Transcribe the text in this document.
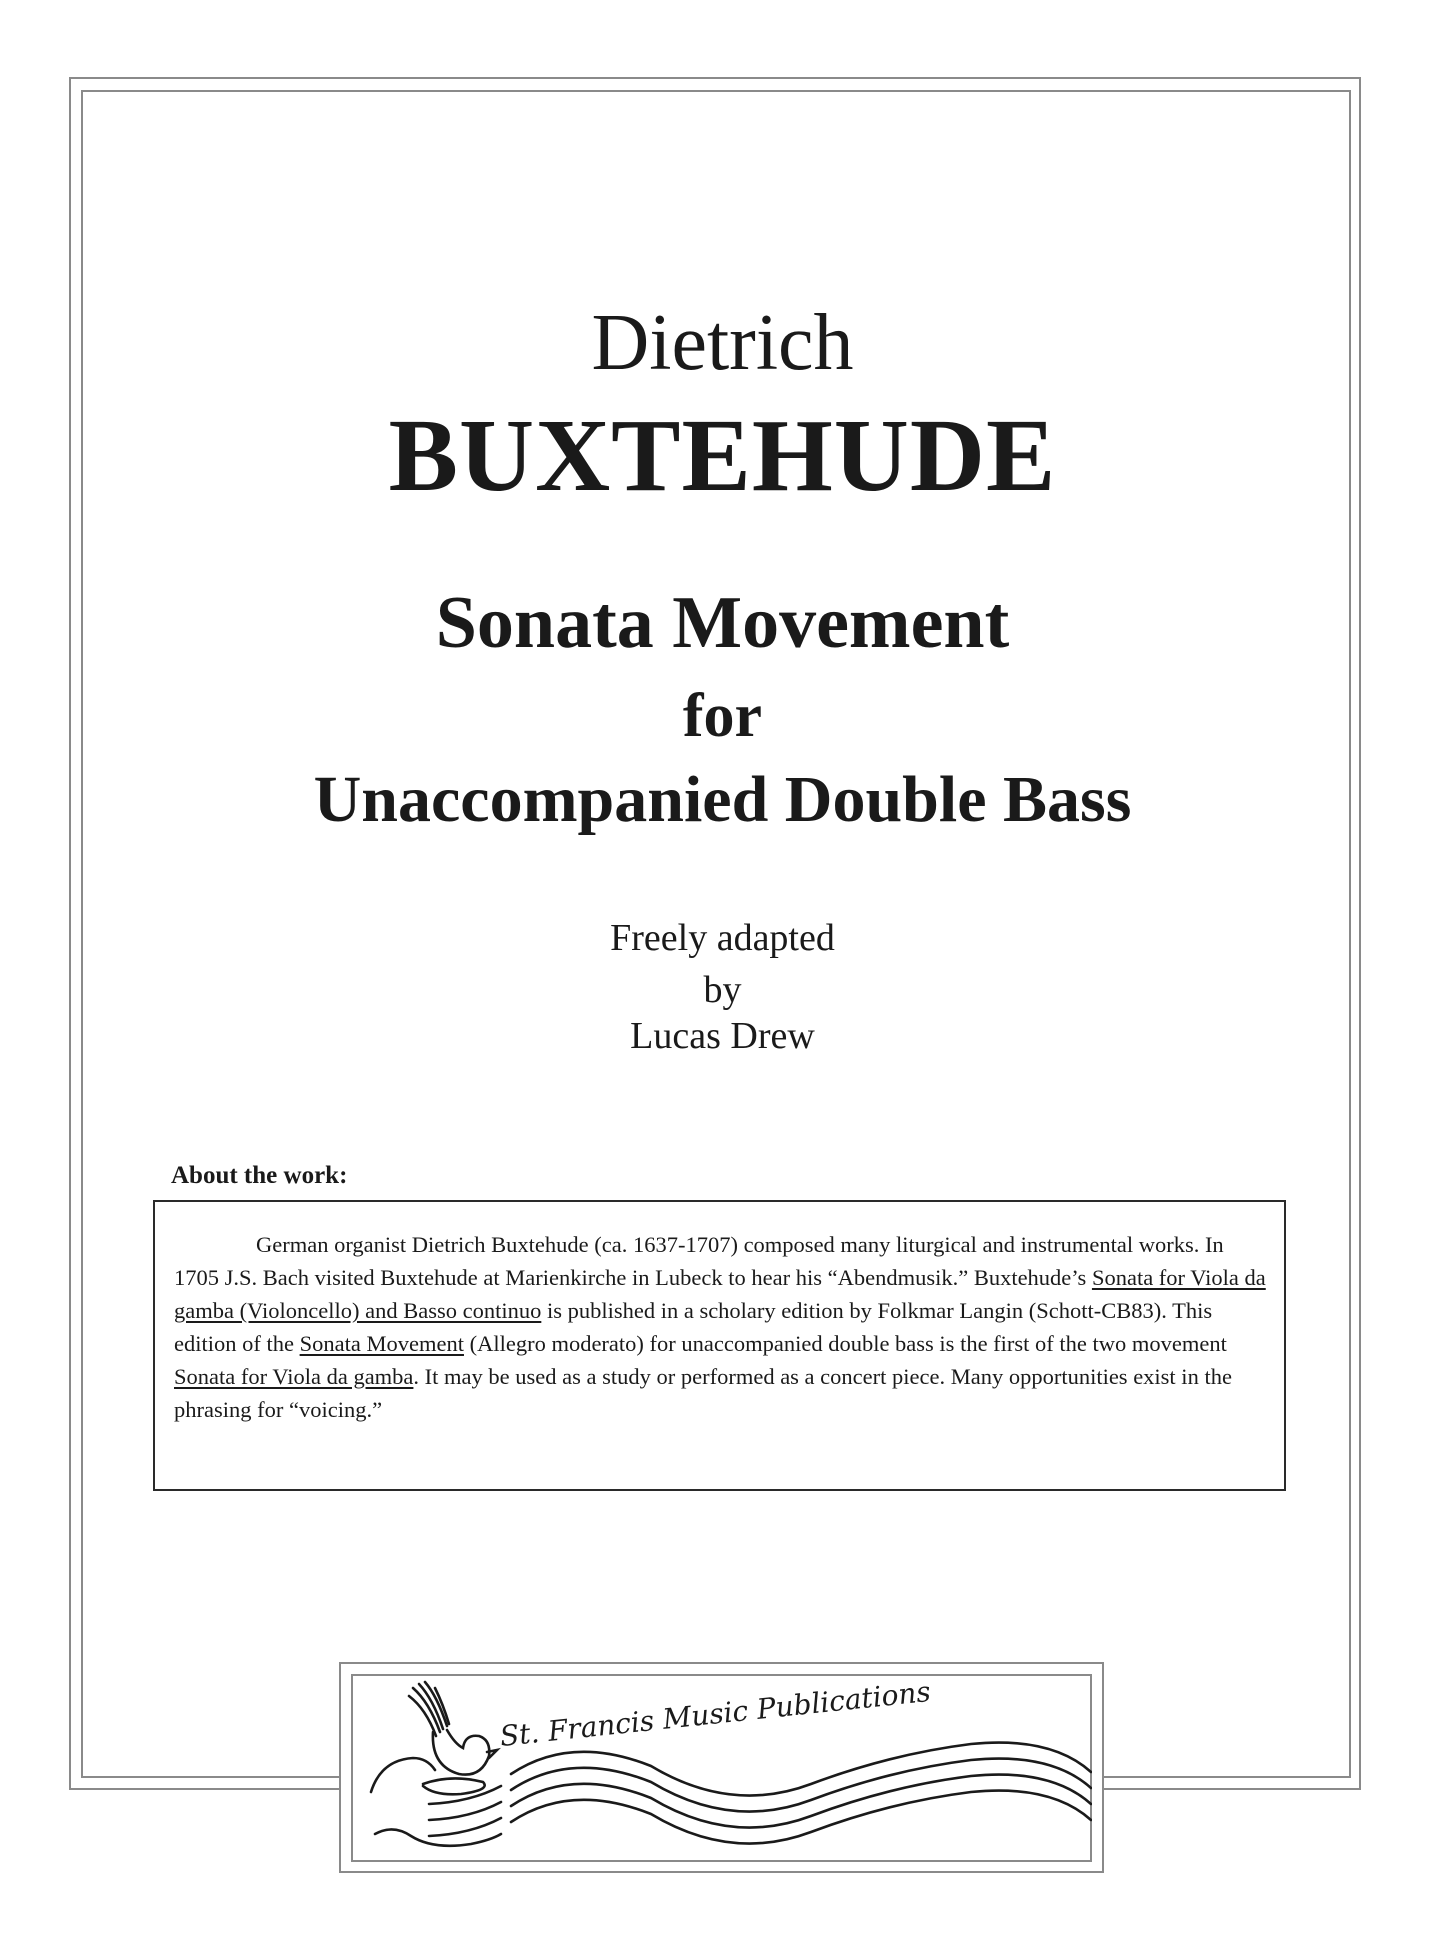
Dietrich
BUXTEHUDE
Sonata Movement
for
Unaccompanied Double Bass
Freely adapted
by
Lucas Drew
About the work:

German organist Dietrich Buxtehude (ca. 1637-1707) composed many liturgical and instrumental works. In 1705 J.S. Bach visited Buxtehude at Marienkirche in Lubeck to hear his “Abendmusik.” Buxtehude’s Sonata for Viola da gamba (Violoncello) and Basso continuo is published in a scholary edition by Folkmar Langin (Schott-CB83). This edition of the Sonata Movement (Allegro moderato) for unaccompanied double bass is the first of the two movement Sonata for Viola da gamba. It may be used as a study or performed as a concert piece. Many opportunities exist in the phrasing for “voicing.”

St. Francis Music Publications
